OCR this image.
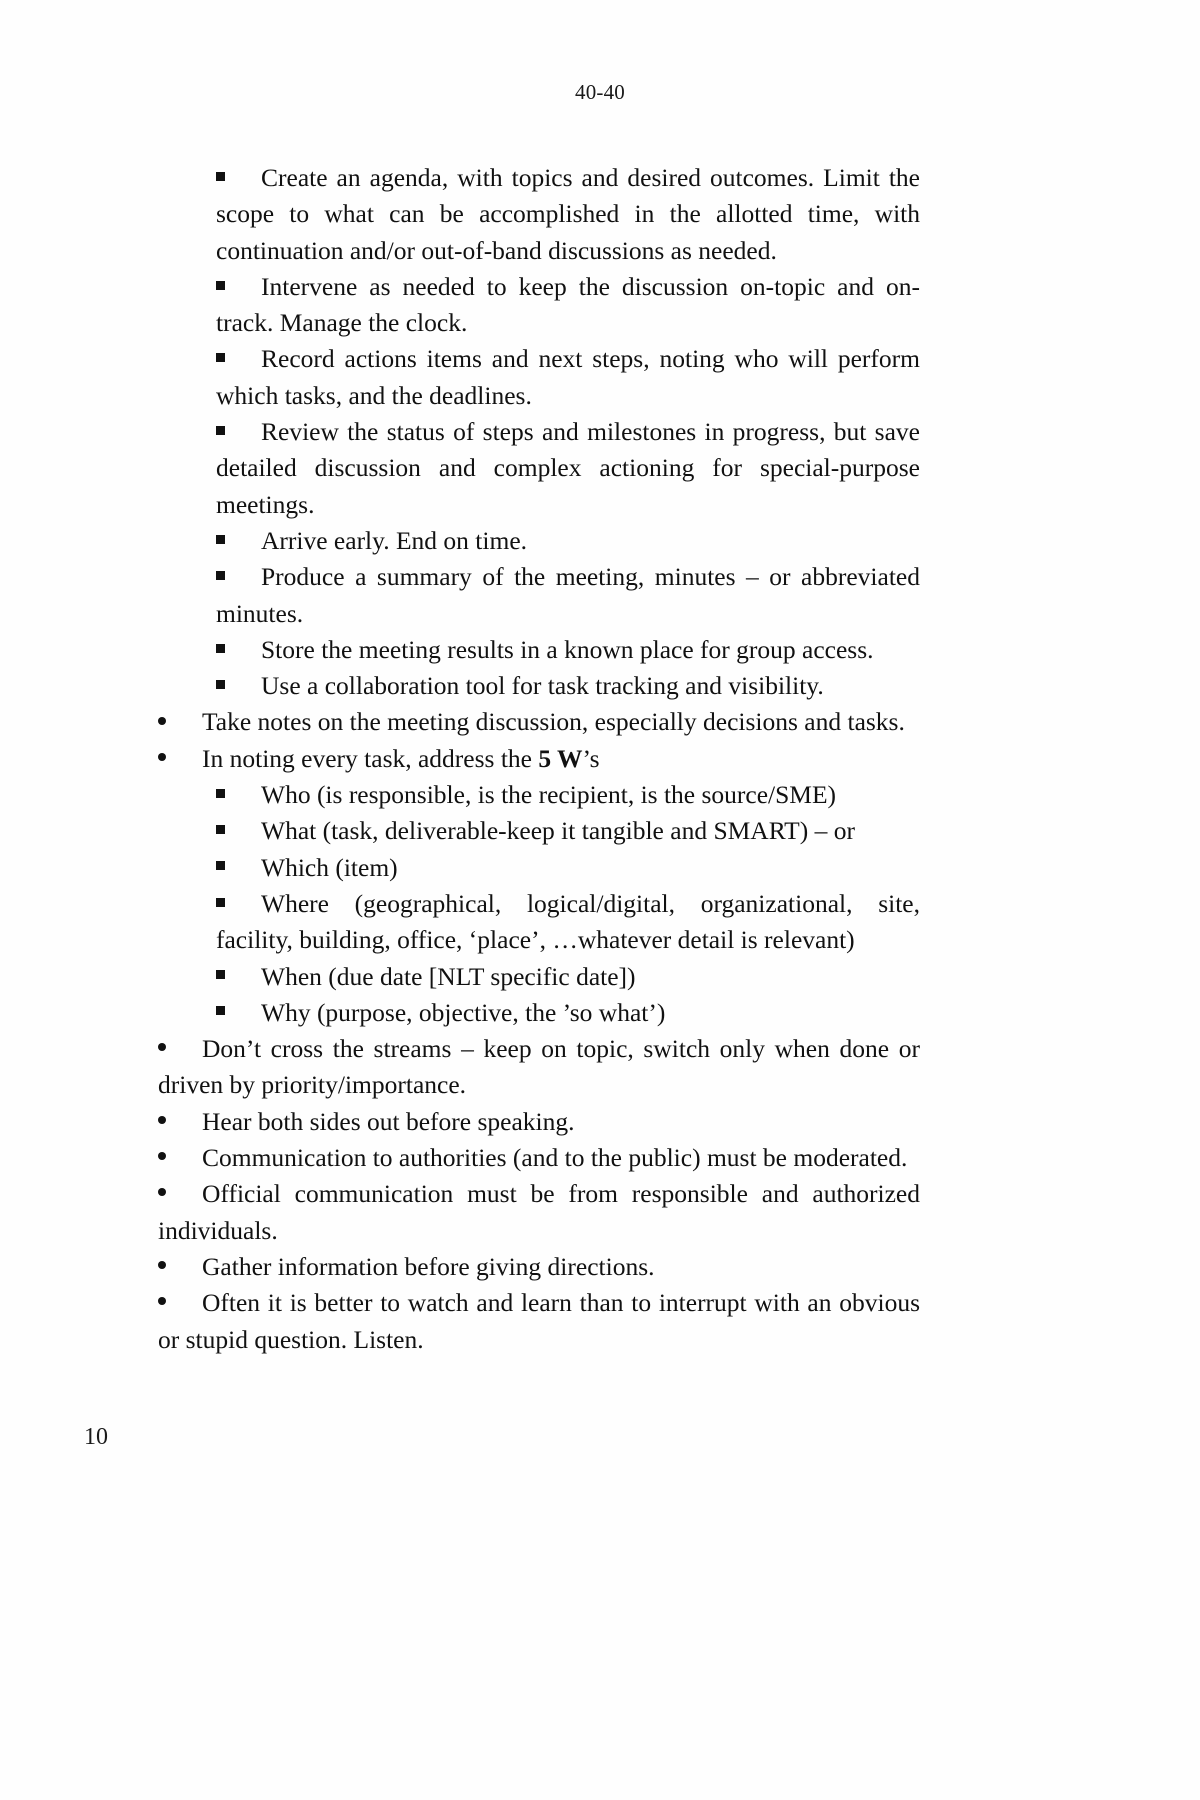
40-40

Create an agenda, with topics and desired outcomes. Limit the scope to what can be accomplished in the allotted time, with continuation and/or out-of-band discussions as needed.

Intervene as needed to keep the discussion on-topic and on-track. Manage the clock.

Record actions items and next steps, noting who will perform which tasks, and the deadlines.

Review the status of steps and milestones in progress, but save detailed discussion and complex actioning for special-purpose meetings.

Arrive early. End on time.

Produce a summary of the meeting, minutes – or abbreviated minutes.

Store the meeting results in a known place for group access.

Use a collaboration tool for task tracking and visibility.

Take notes on the meeting discussion, especially decisions and tasks.

In noting every task, address the 5 W’s

Who (is responsible, is the recipient, is the source/SME)

What (task, deliverable-keep it tangible and SMART) – or

Which (item)

Where (geographical, logical/digital, organizational, site, facility, building, office, ‘place’, …whatever detail is relevant)

When (due date [NLT specific date])

Why (purpose, objective, the ’so what’)

Don’t cross the streams – keep on topic, switch only when done or driven by priority/importance.

Hear both sides out before speaking.

Communication to authorities (and to the public) must be moderated.

Official communication must be from responsible and authorized individuals.

Gather information before giving directions.

Often it is better to watch and learn than to interrupt with an obvious or stupid question. Listen.

10
